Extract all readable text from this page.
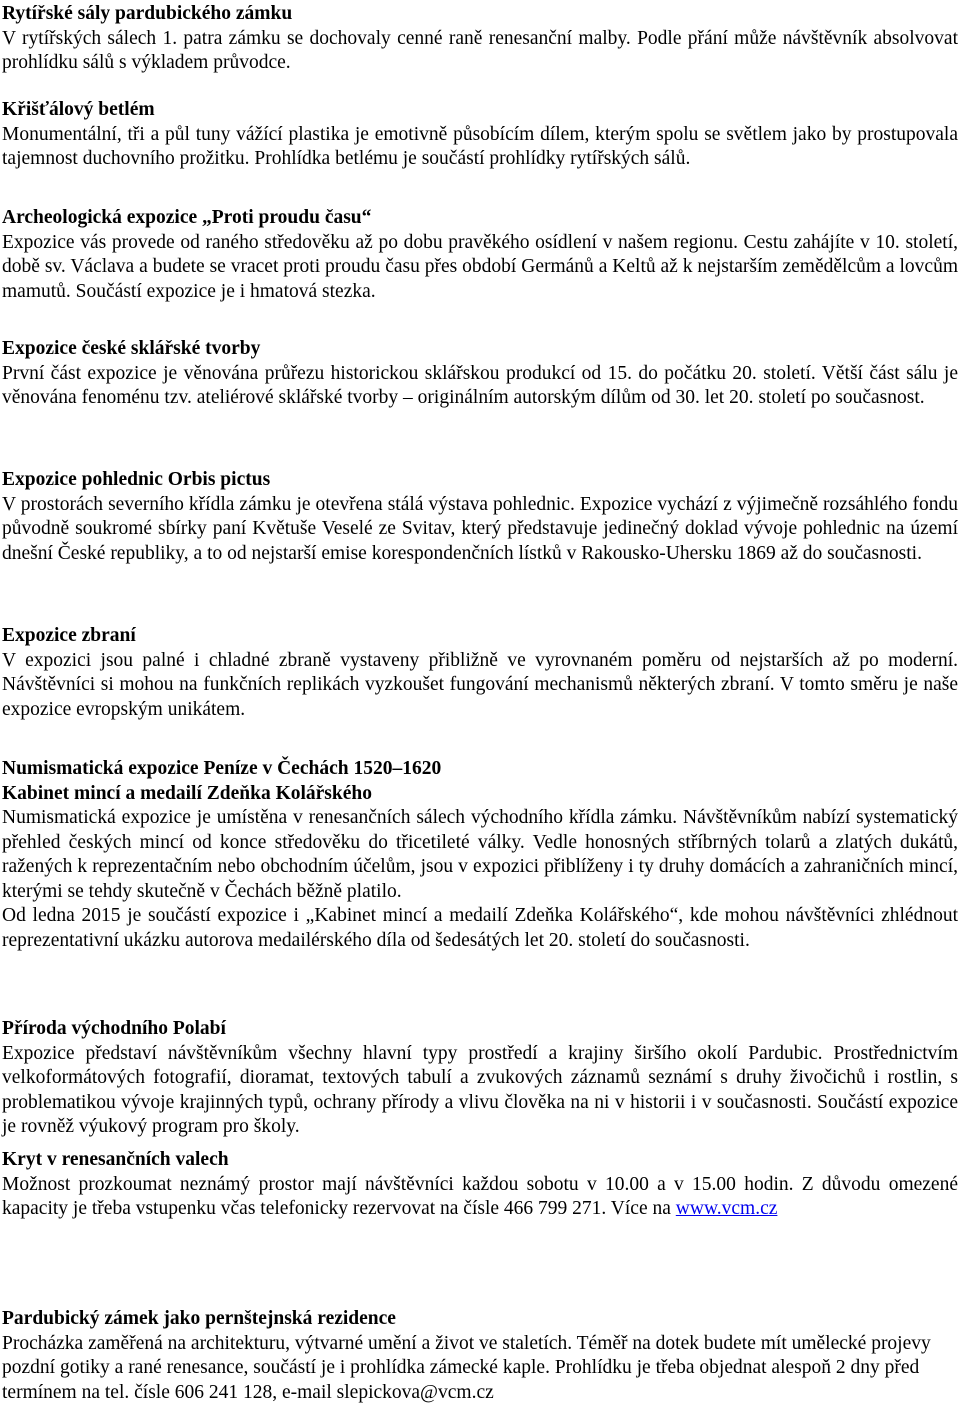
Rytířské sály pardubického zámku

V rytířských sálech 1. patra zámku se dochovaly cenné raně renesanční malby. Podle přání může návštěvník absolvovat prohlídku sálů s výkladem průvodce.

Křišťálový betlém

Monumentální, tři a půl tuny vážící plastika je emotivně působícím dílem, kterým spolu se světlem jako by prostupovala tajemnost duchovního prožitku. Prohlídka betlému je součástí prohlídky rytířských sálů.

Archeologická expozice „Proti proudu času“

Expozice vás provede od raného středověku až po dobu pravěkého osídlení v našem regionu. Cestu zahájíte v 10. století, době sv. Václava a budete se vracet proti proudu času přes období Germánů a Keltů až k nejstarším zemědělcům a lovcům mamutů. Součástí expozice je i hmatová stezka.

Expozice české sklářské tvorby

První část expozice je věnována průřezu historickou sklářskou produkcí od 15. do počátku 20. století. Větší část sálu je věnována fenoménu tzv. ateliérové sklářské tvorby – originálním autorským dílům od 30. let 20. století po současnost.

Expozice pohlednic Orbis pictus

V prostorách severního křídla zámku je otevřena stálá výstava pohlednic. Expozice vychází z výjimečně rozsáhlého fondu původně soukromé sbírky paní Květuše Veselé ze Svitav, který představuje jedinečný doklad vývoje pohlednic na území dnešní České republiky, a to od nejstarší emise korespondenčních lístků v Rakousko-Uhersku 1869 až do současnosti.

Expozice zbraní

V expozici jsou palné i chladné zbraně vystaveny přibližně ve vyrovnaném poměru od nejstarších až po moderní. Návštěvníci si mohou na funkčních replikách vyzkoušet fungování mechanismů některých zbraní. V tomto směru je naše expozice evropským unikátem.

Numismatická expozice Peníze v Čechách 1520–1620
Kabinet mincí a medailí Zdeňka Kolářského

Numismatická expozice je umístěna v renesančních sálech východního křídla zámku. Návštěvníkům nabízí systematický přehled českých mincí od konce středověku do třicetileté války. Vedle honosných stříbrných tolarů a zlatých dukátů, ražených k reprezentačním nebo obchodním účelům, jsou v expozici přiblíženy i ty druhy domácích a zahraničních mincí, kterými se tehdy skutečně v Čechách běžně platilo.

Od ledna 2015 je součástí expozice i „Kabinet mincí a medailí Zdeňka Kolářského“, kde mohou návštěvníci zhlédnout reprezentativní ukázku autorova medailérského díla od šedesátých let 20. století do současnosti.

Příroda východního Polabí

Expozice představí návštěvníkům všechny hlavní typy prostředí a krajiny širšího okolí Pardubic. Prostřednictvím velkoformátových fotografií, dioramat, textových tabulí a zvukových záznamů seznámí s druhy živočichů i rostlin, s problematikou vývoje krajinných typů, ochrany přírody a vlivu člověka na ni v historii i v současnosti. Součástí expozice je rovněž výukový program pro školy.

Kryt v renesančních valech

Možnost prozkoumat neznámý prostor mají návštěvníci každou sobotu v 10.00 a v 15.00 hodin. Z důvodu omezené kapacity je třeba vstupenku včas telefonicky rezervovat na čísle 466 799 271. Více na www.vcm.cz

Pardubický zámek jako pernštejnská rezidence

Procházka zaměřená na architekturu, výtvarné umění a život ve staletích. Téměř na dotek budete mít umělecké projevy pozdní gotiky a rané renesance, součástí je i prohlídka zámecké kaple. Prohlídku je třeba objednat alespoň 2 dny před termínem na tel. čísle 606 241 128, e-mail slepickova@vcm.cz
